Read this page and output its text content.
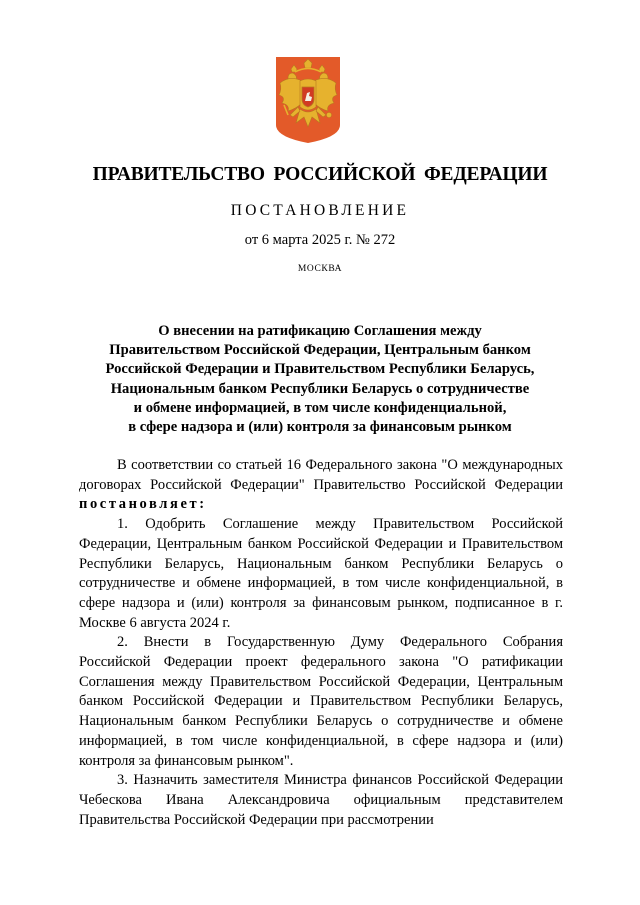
ПРАВИТЕЛЬСТВО РОССИЙСКОЙ ФЕДЕРАЦИИ
ПОСТАНОВЛЕНИЕ
от 6 марта 2025 г. № 272
МОСКВА
О внесении на ратификацию Соглашения между
Правительством Российской Федерации, Центральным банком
Российской Федерации и Правительством Республики Беларусь,
Национальным банком Республики Беларусь о сотрудничестве
и обмене информацией, в том числе конфиденциальной,
в сфере надзора и (или) контроля за финансовым рынком

В соответствии со статьей 16 Федерального закона "О международных договорах Российской Федерации" Правительство Российской Федерации постановляет:

1. Одобрить Соглашение между Правительством Российской Федерации, Центральным банком Российской Федерации и Правительством Республики Беларусь, Национальным банком Республики Беларусь о сотрудничестве и обмене информацией, в том числе конфиденциальной, в сфере надзора и (или) контроля за финансовым рынком, подписанное в г. Москве 6 августа 2024 г.

2. Внести в Государственную Думу Федерального Собрания Российской Федерации проект федерального закона "О ратификации Соглашения между Правительством Российской Федерации, Центральным банком Российской Федерации и Правительством Республики Беларусь, Национальным банком Республики Беларусь о сотрудничестве и обмене информацией, в том числе конфиденциальной, в сфере надзора и (или) контроля за финансовым рынком".

3. Назначить заместителя Министра финансов Российской Федерации Чебескова Ивана Александровича официальным представителем Правительства Российской Федерации при рассмотрении
